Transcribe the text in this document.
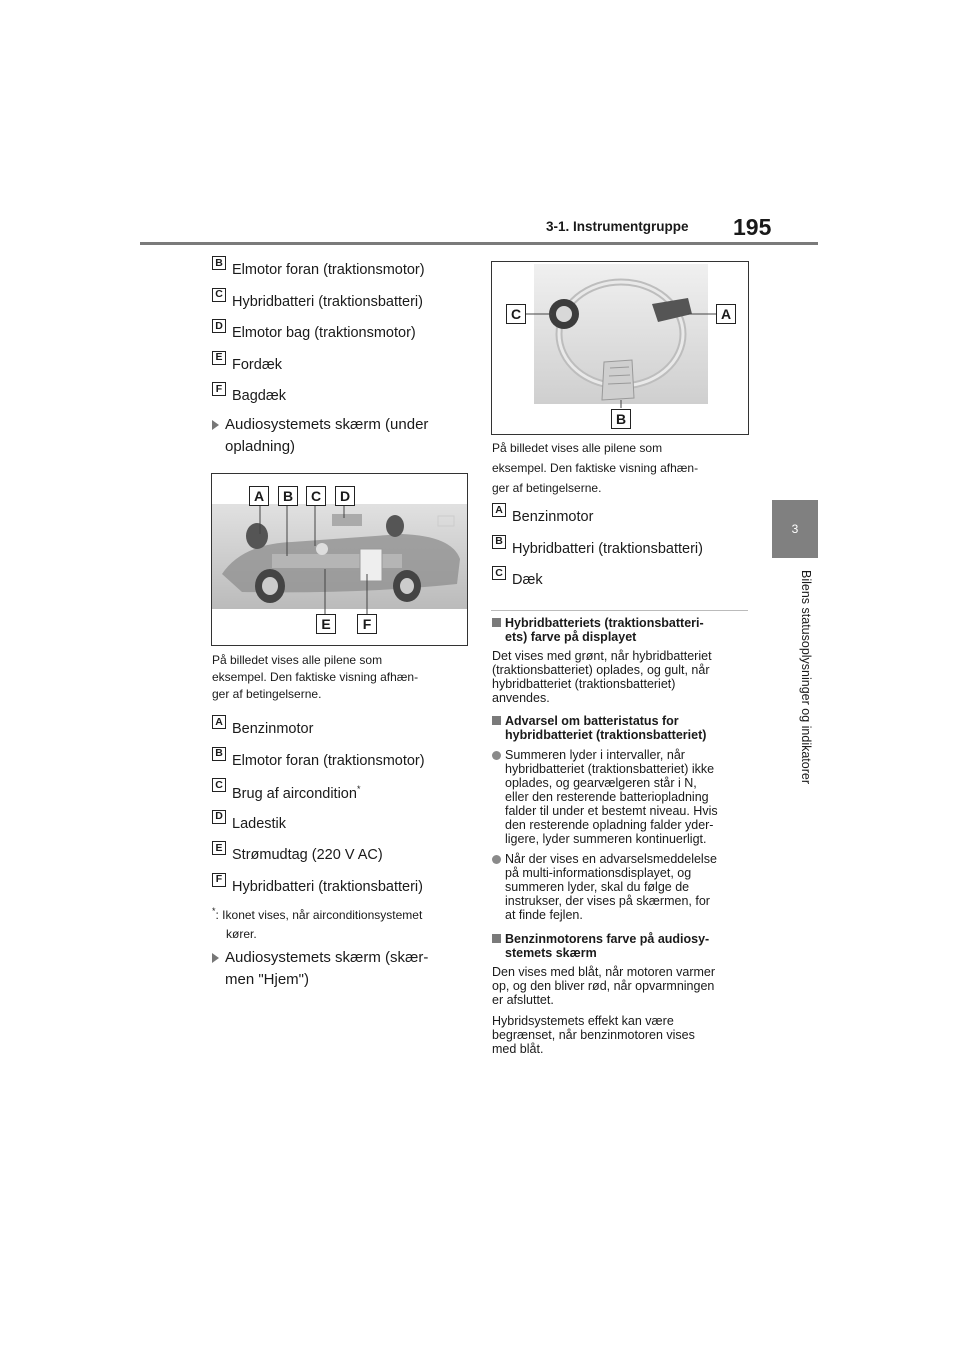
3-1. Instrumentgruppe 195
3
Bilens statusoplysninger og indikatorer
B Elmotor foran (traktionsmotor)
C Hybridbatteri (traktionsbatteri)
D Elmotor bag (traktionsmotor)
E Fordæk
F Bagdæk
Audiosystemets skærm (under
opladning)
A	B	C	D
E	F
På billedet vises alle pilene som
eksempel. Den faktiske visning afhæn-
ger af betingelserne.
A Benzinmotor
B Elmotor foran (traktionsmotor)
C
Brug af aircondition*
D Ladestik
E Strømudtag (220 V AC)
F Hybridbatteri (traktionsbatteri)
*: Ikonet vises, når airconditionsystemet
kører.
Audiosystemets skærm (skær-
men "Hjem")
C	A
B
På billedet vises alle pilene som
eksempel. Den faktiske visning afhæn-
ger af betingelserne.
A Benzinmotor
B Hybridbatteri (traktionsbatteri)
C Dæk
Hybridbatteriets (traktionsbatteri-
ets) farve på displayet
Det vises med grønt, når hybridbatteriet
(traktionsbatteriet) oplades, og gult, når
hybridbatteriet (traktionsbatteriet)
anvendes.
Advarsel om batteristatus for
hybridbatteriet (traktionsbatteriet)
Summeren lyder i intervaller, når
hybridbatteriet (traktionsbatteriet) ikke
oplades, og gearvælgeren står i N,
eller den resterende batteriopladning
falder til under et bestemt niveau. Hvis
den resterende opladning falder yder-
ligere, lyder summeren kontinuerligt.
Når der vises en advarselsmeddelelse
på multi-informationsdisplayet, og
summeren lyder, skal du følge de
instrukser, der vises på skærmen, for
at finde fejlen.
Benzinmotorens farve på audiosy-
stemets skærm
Den vises med blåt, når motoren varmer
op, og den bliver rød, når opvarmningen
er afsluttet.
Hybridsystemets effekt kan være
begrænset, når benzinmotoren vises
med blåt.
